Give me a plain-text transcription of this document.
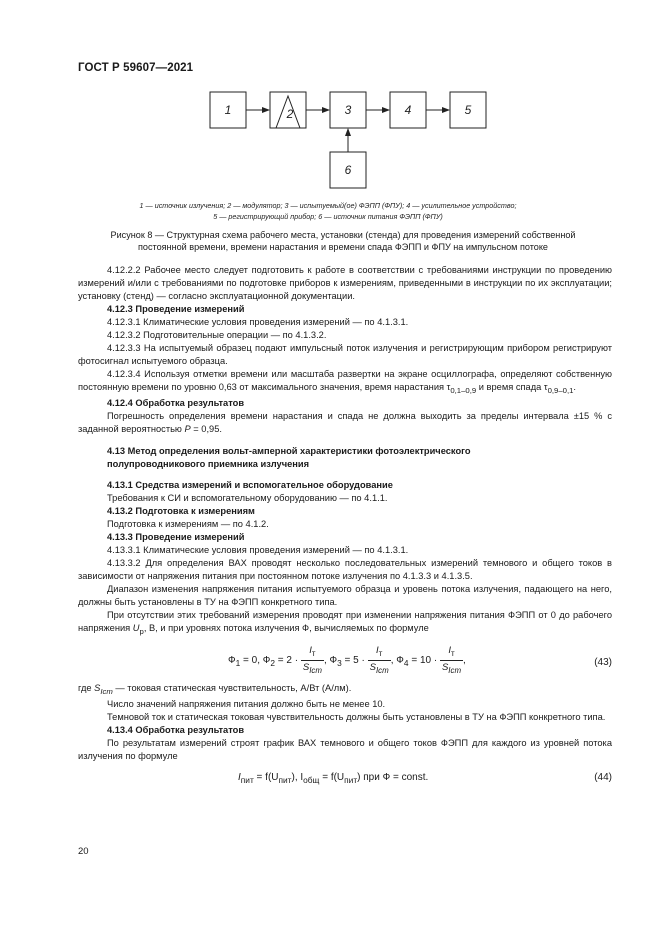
ГОСТ Р 59607—2021
1	2	3	4	5
6
1 — источник излучения; 2 — модулятор; 3 — испытуемый(ое) ФЭПП (ФПУ); 4 — усилительное устройство;
5 — регистрирующий прибор; 6 — источник питания ФЭПП (ФПУ)
Рисунок 8 — Структурная схема рабочего места, установки (стенда) для проведения измерений собственной
постоянной времени, времени нарастания и времени спада ФЭПП и ФПУ на импульсном потоке

4.12.2.2 Рабочее место следует подготовить к работе в соответствии с требованиями инструкции по проведению измерений и/или с требованиями по подготовке приборов к измерениям, приведенными в инструкции по их эксплуатации; установку (стенд) — согласно эксплуатационной документации.

4.12.3 Проведение измерений

4.12.3.1 Климатические условия проведения измерений — по 4.1.3.1.

4.12.3.2 Подготовительные операции — по 4.1.3.2.

4.12.3.3 На испытуемый образец подают импульсный поток излучения и регистрирующим прибором регистрируют фотосигнал испытуемого образца.

4.12.3.4 Используя отметки времени или масштаба развертки на экране осциллографа, определяют собственную постоянную времени по уровню 0,63 от максимального значения, время нарастания $\tau_{0,1-0,9}$ и время спада $\tau_{0,9-0,1}$.

4.12.4 Обработка результатов

Погрешность определения времени нарастания и спада не должна выходить за пределы интервала ±15 % с заданной вероятностью P = 0,95.

4.13 Метод определения вольт-амперной характеристики фотоэлектрического
полупроводникового приемника излучения

4.13.1 Средства измерений и вспомогательное оборудование

Требования к СИ и вспомогательному оборудованию — по 4.1.1.

4.13.2 Подготовка к измерениям

Подготовка к измерениям — по 4.1.2.

4.13.3 Проведение измерений

4.13.3.1 Климатические условия проведения измерений — по 4.1.3.1.

4.13.3.2 Для определения ВАХ проводят несколько последовательных измерений темнового и общего токов в зависимости от напряжения питания при постоянном потоке излучения по 4.1.3.3 и 4.1.3.5.

Диапазон изменения напряжения питания испытуемого образца и уровень потока излучения, падающего на него, должны быть установлены в ТУ на ФЭПП конкретного типа.

При отсутствии этих требований измерения проводят при изменении напряжения питания ФЭПП от 0 до рабочего напряжения $U_р$, В, и при уровнях потока излучения Ф, вычисляемых по формуле

$Ф_1 = 0$, $Ф_2 = 2 \cdot \frac{I_т}{S_{Iст}}$ , $Ф_3 = 5 \cdot \frac{I_т}{S_{Iст}}$ , $Ф_4 = 10 \cdot \frac{I_т}{S_{Iст}}$ ,	(43)

где $S_{Iст}$ — токовая статическая чувствительность, А/Вт (А/лм).

Число значений напряжения питания должно быть не менее 10.

Темновой ток и статическая токовая чувствительность должны быть установлены в ТУ на ФЭПП конкретного типа.

4.13.4 Обработка результатов

По результатам измерений строят график ВАХ темнового и общего токов ФЭПП для каждого из уровней потока излучения по формуле

$I_{пит} = f(U_{пит})$, $I_{общ} = f(U_{пит})$ при Ф = const.	(44)
20
